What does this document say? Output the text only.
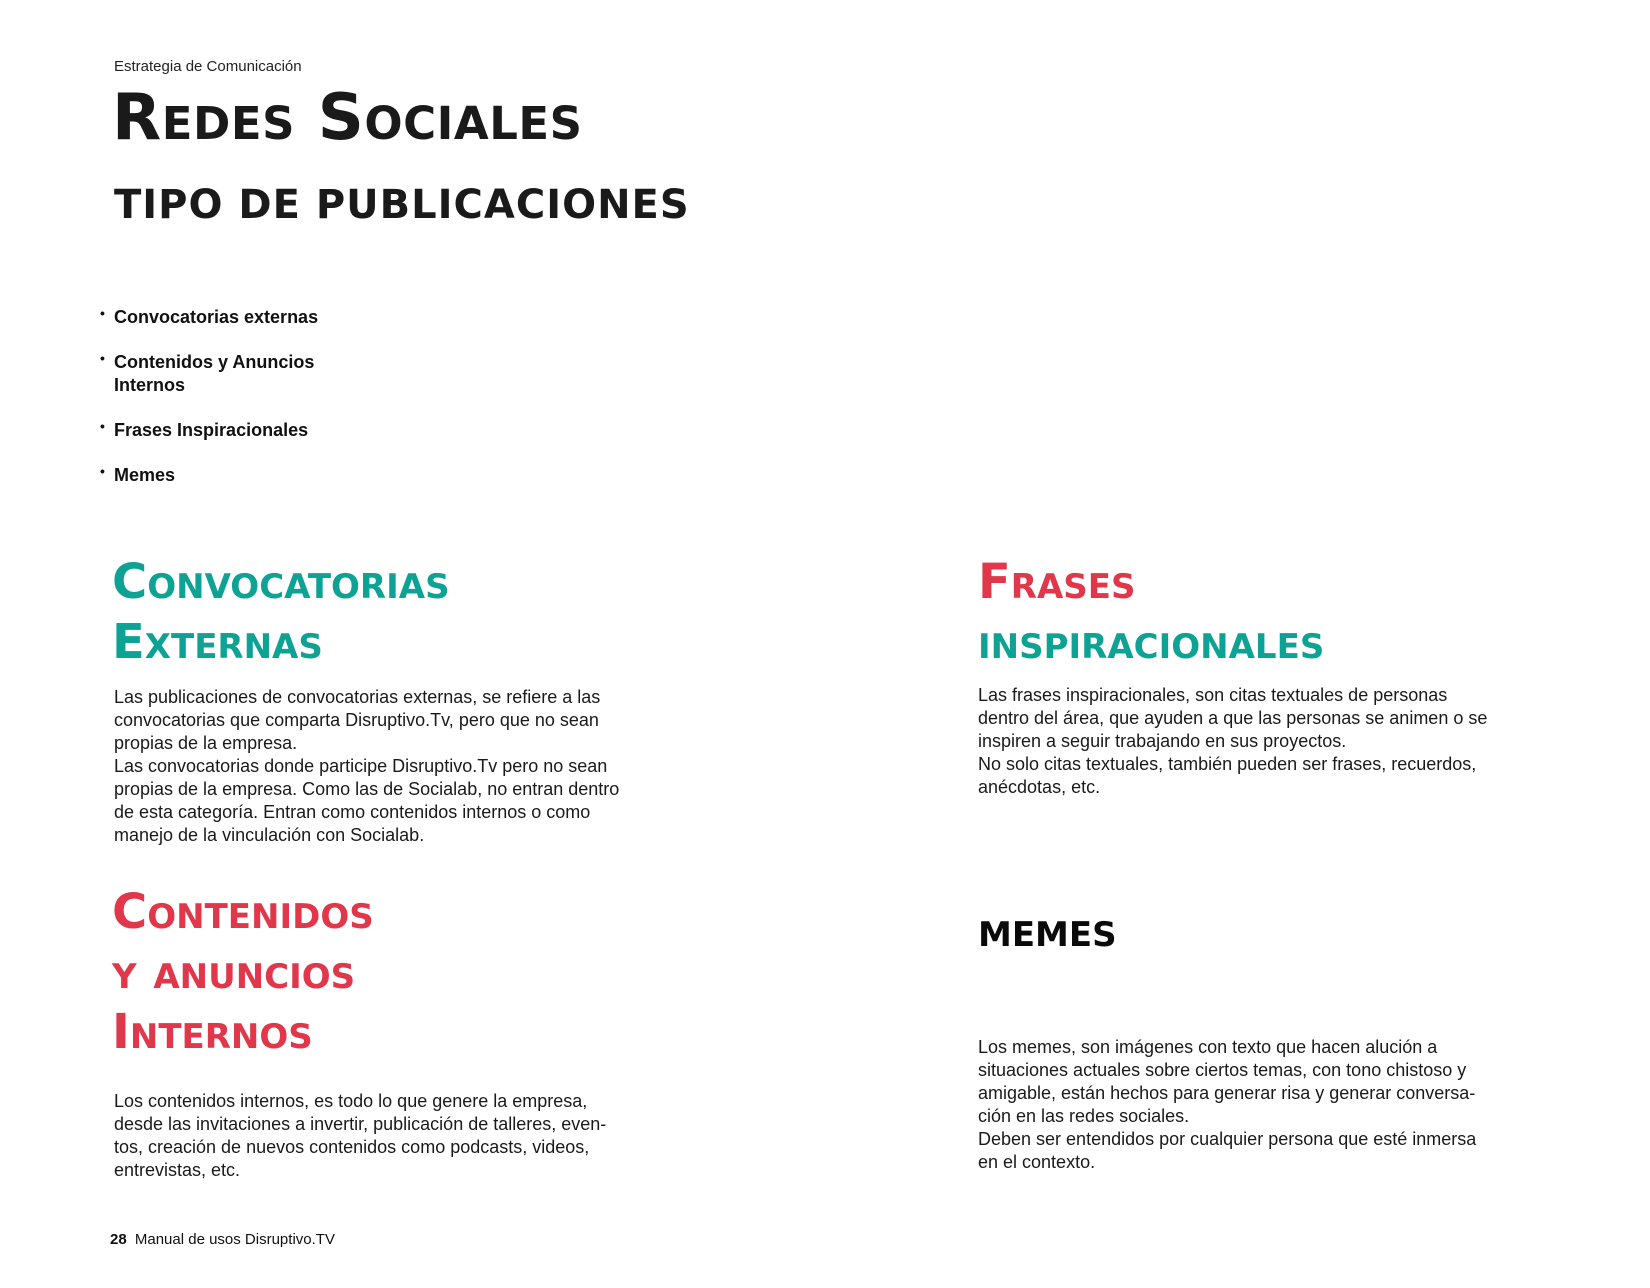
Estrategia de Comunicación
Redes Sociales
TIPO DE PUBLICACIONES
• Convocatorias externas
• Contenidos y Anuncios Internos
• Frases Inspiracionales
• Memes
Convocatorias
Externas

Las publicaciones de convocatorias externas, se refiere a las
convocatorias que comparta Disruptivo.Tv, pero que no sean
propias de la empresa.
Las convocatorias donde participe Disruptivo.Tv pero no sean
propias de la empresa. Como las de Socialab, no entran dentro
de esta categoría. Entran como contenidos internos o como
manejo de la vinculación con Socialab.

Contenidos
y anuncios
Internos

Los contenidos internos, es todo lo que genere la empresa,
desde las invitaciones a invertir, publicación de talleres, even-
tos, creación de nuevos contenidos como podcasts, videos,
entrevistas, etc.

Frases
inspiracionales

Las frases inspiracionales, son citas textuales de personas
dentro del área, que ayuden a que las personas se animen o se
inspiren a seguir trabajando en sus proyectos.
No solo citas textuales, también pueden ser frases, recuerdos,
anécdotas, etc.

memes

Los memes, son imágenes con texto que hacen alución a
situaciones actuales sobre ciertos temas, con tono chistoso y
amigable, están hechos para generar risa y generar conversa-
ción en las redes sociales.
Deben ser entendidos por cualquier persona que esté inmersa
en el contexto.

28 Manual de usos Disruptivo.TV
